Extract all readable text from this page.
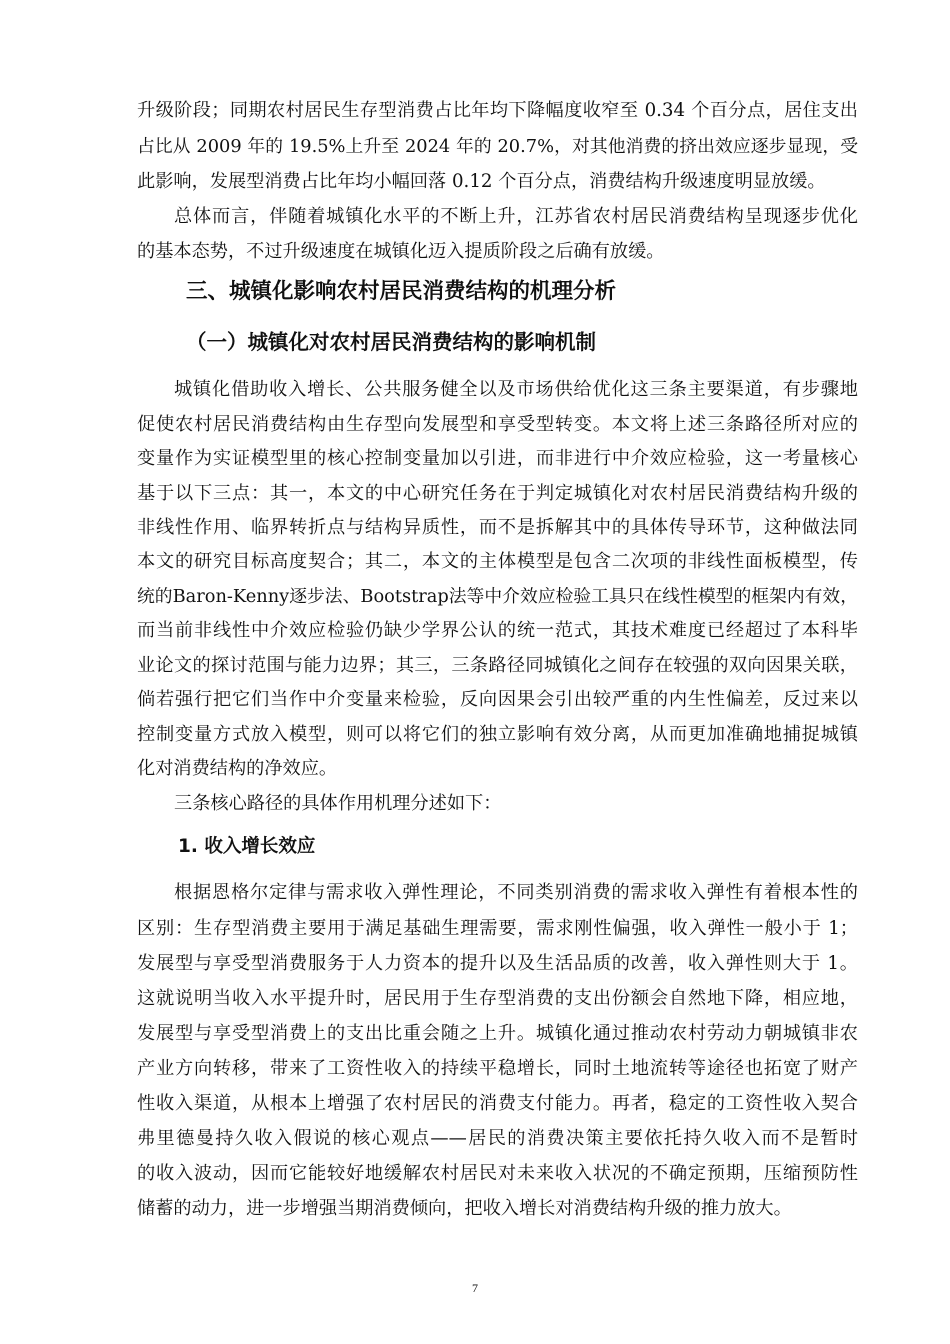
升级阶段；同期农村居民生存型消费占比年均下降幅度收窄至 0.34 个百分点，居住支出
占比从 2009 年的 19.5%上升至 2024 年的 20.7%，对其他消费的挤出效应逐步显现，受
此影响，发展型消费占比年均小幅回落 0.12 个百分点，消费结构升级速度明显放缓。
总体而言，伴随着城镇化水平的不断上升，江苏省农村居民消费结构呈现逐步优化
的基本态势，不过升级速度在城镇化迈入提质阶段之后确有放缓。
三、城镇化影响农村居民消费结构的机理分析
（一）城镇化对农村居民消费结构的影响机制
城镇化借助收入增长、公共服务健全以及市场供给优化这三条主要渠道，有步骤地
促使农村居民消费结构由生存型向发展型和享受型转变。本文将上述三条路径所对应的
变量作为实证模型里的核心控制变量加以引进，而非进行中介效应检验，这一考量核心
基于以下三点：其一，本文的中心研究任务在于判定城镇化对农村居民消费结构升级的
非线性作用、临界转折点与结构异质性，而不是拆解其中的具体传导环节，这种做法同
本文的研究目标高度契合；其二，本文的主体模型是包含二次项的非线性面板模型，传
统的Baron-Kenny逐步法、Bootstrap法等中介效应检验工具只在线性模型的框架内有效，
而当前非线性中介效应检验仍缺少学界公认的统一范式，其技术难度已经超过了本科毕
业论文的探讨范围与能力边界；其三，三条路径同城镇化之间存在较强的双向因果关联，
倘若强行把它们当作中介变量来检验，反向因果会引出较严重的内生性偏差，反过来以
控制变量方式放入模型，则可以将它们的独立影响有效分离，从而更加准确地捕捉城镇
化对消费结构的净效应。
三条核心路径的具体作用机理分述如下：
1. 收入增长效应
根据恩格尔定律与需求收入弹性理论，不同类别消费的需求收入弹性有着根本性的
区别：生存型消费主要用于满足基础生理需要，需求刚性偏强，收入弹性一般小于 1；
发展型与享受型消费服务于人力资本的提升以及生活品质的改善，收入弹性则大于 1。
这就说明当收入水平提升时，居民用于生存型消费的支出份额会自然地下降，相应地，
发展型与享受型消费上的支出比重会随之上升。城镇化通过推动农村劳动力朝城镇非农
产业方向转移，带来了工资性收入的持续平稳增长，同时土地流转等途径也拓宽了财产
性收入渠道，从根本上增强了农村居民的消费支付能力。再者，稳定的工资性收入契合
弗里德曼持久收入假说的核心观点——居民的消费决策主要依托持久收入而不是暂时
的收入波动，因而它能较好地缓解农村居民对未来收入状况的不确定预期，压缩预防性
储蓄的动力，进一步增强当期消费倾向，把收入增长对消费结构升级的推力放大。
7
